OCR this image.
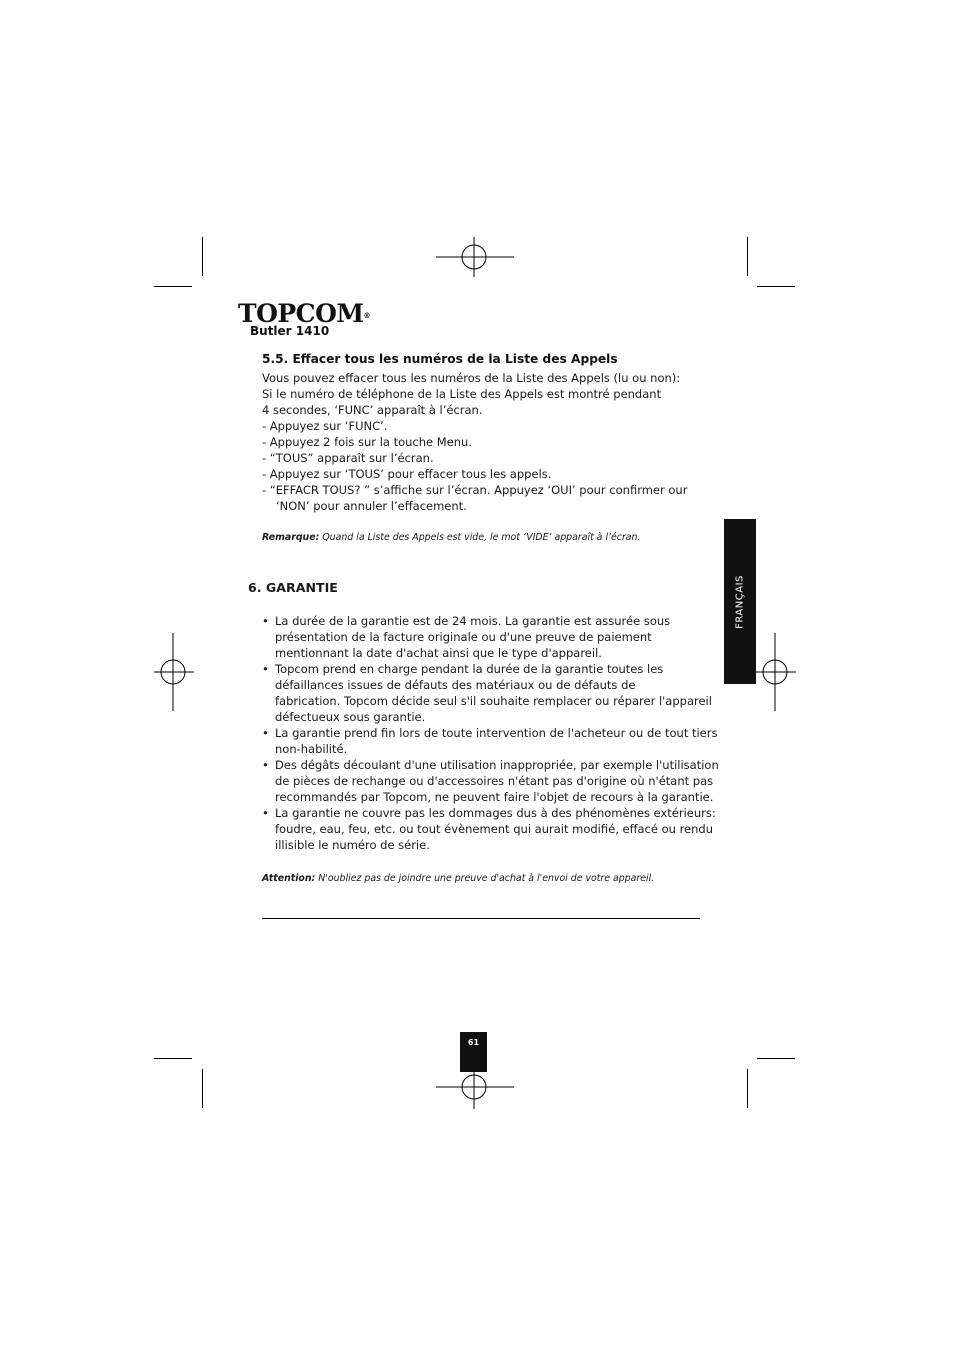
TOPCOM®
Butler 1410
5.5. Effacer tous les numéros de la Liste des Appels
Vous pouvez effacer tous les numéros de la Liste des Appels (lu ou non):
Si le numéro de téléphone de la Liste des Appels est montré pendant
4 secondes, ‘FUNC’ apparaît à l’écran.
- Appuyez sur ‘FUNC’.
- Appuyez 2 fois sur la touche Menu.
- “TOUS” apparaît sur l’écran.
- Appuyez sur ‘TOUS’ pour effacer tous les appels.
- “EFFACR TOUS? ” s’affiche sur l’écran. Appuyez ‘OUI’ pour confirmer our
‘NON’ pour annuler l’effacement.
Remarque: Quand la Liste des Appels est vide, le mot ‘VIDE’ apparaît à l’écran.
6. GARANTIE
• La durée de la garantie est de 24 mois. La garantie est assurée sous
présentation de la facture originale ou d'une preuve de paiement
mentionnant la date d'achat ainsi que le type d'appareil.
• Topcom prend en charge pendant la durée de la garantie toutes les
défaillances issues de défauts des matériaux ou de défauts de
fabrication. Topcom décide seul s'il souhaite remplacer ou réparer l'appareil
défectueux sous garantie.
• La garantie prend fin lors de toute intervention de l'acheteur ou de tout tiers
non-habilité.
• Des dégâts découlant d'une utilisation inappropriée, par exemple l'utilisation
de pièces de rechange ou d'accessoires n'étant pas d'origine où n'étant pas
recommandés par Topcom, ne peuvent faire l'objet de recours à la garantie.
• La garantie ne couvre pas les dommages dus à des phénomènes extérieurs:
foudre, eau, feu, etc. ou tout évènement qui aurait modifié, effacé ou rendu
illisible le numéro de série.
Attention: N'oubliez pas de joindre une preuve d'achat à l'envoi de votre appareil.
FRANÇAIS
61
